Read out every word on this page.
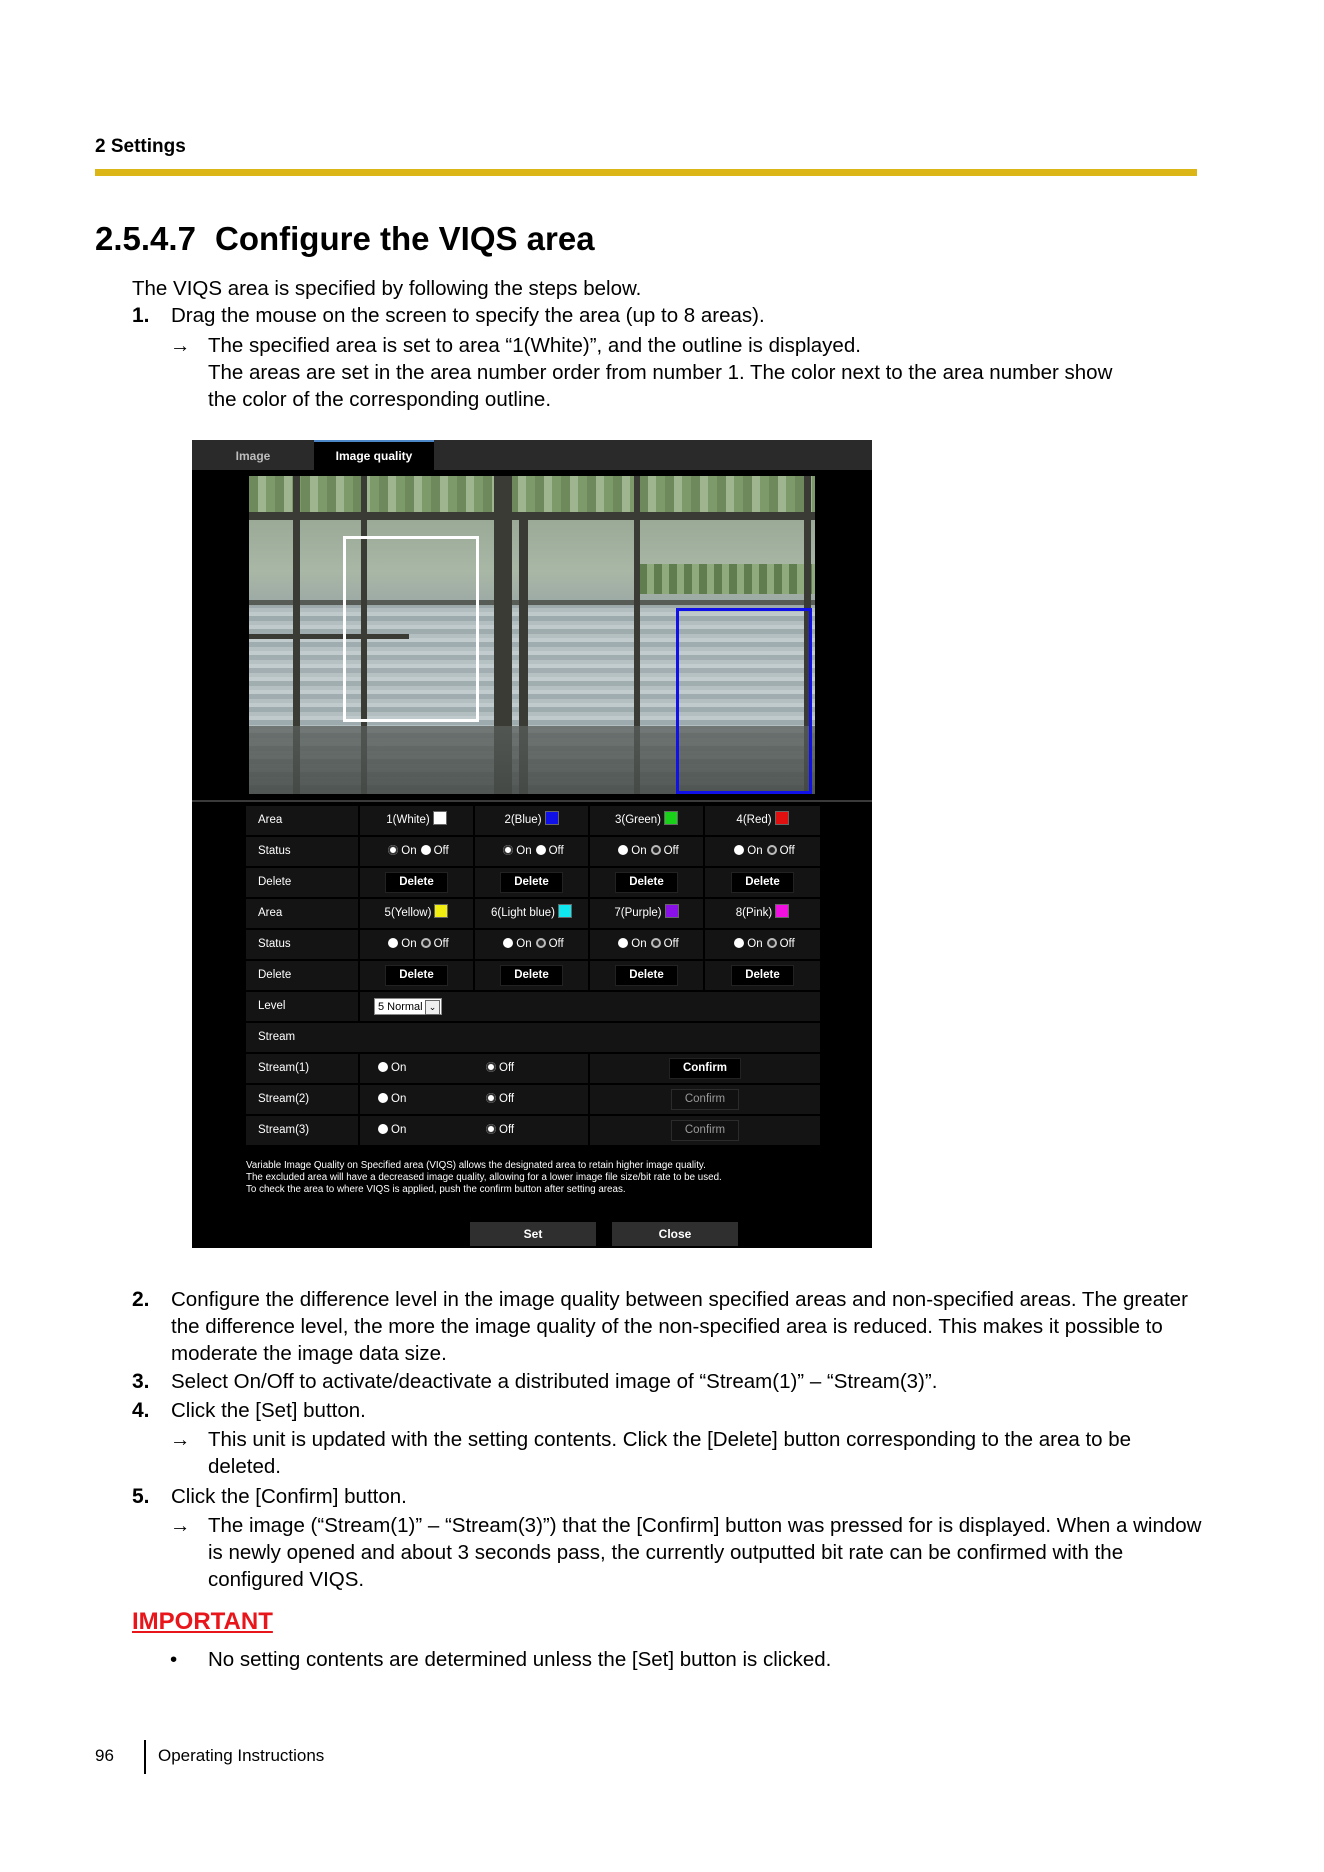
2 Settings
2.5.4.7 Configure the VIQS area
The VIQS area is specified by following the steps below.
1. Drag the mouse on the screen to specify the area (up to 8 areas).
→ The specified area is set to area “1(White)”, and the outline is displayed.
The areas are set in the area number order from number 1. The color next to the area number show
the color of the corresponding outline.
Image	Image quality
Area	1(White)	2(Blue)	3(Green)	4(Red)
Status	On Off	On Off	On Off	On Off
Delete	Delete	Delete	Delete	Delete
Area	5(Yellow)	6(Light blue)	7(Purple)	8(Pink)
Status	On Off	On Off	On Off	On Off
Delete	Delete	Delete	Delete	Delete
Level	5 Normal ⌄
Stream
Stream(1)	On	Off	Confirm
Stream(2)	On	Off	Confirm
Stream(3)	On	Off	Confirm
Variable Image Quality on Specified area (VIQS) allows the designated area to retain higher image quality.
The excluded area will have a decreased image quality, allowing for a lower image file size/bit rate to be used.
To check the area to where VIQS is applied, push the confirm button after setting areas.
Set	Close
2. Configure the difference level in the image quality between specified areas and non-specified areas. The greater the difference level, the more the image quality of the non-specified area is reduced. This makes it possible to moderate the image data size.
3. Select On/Off to activate/deactivate a distributed image of “Stream(1)” – “Stream(3)”.
4. Click the [Set] button.
→ This unit is updated with the setting contents. Click the [Delete] button corresponding to the area to be deleted.
5. Click the [Confirm] button.
→ The image (“Stream(1)” – “Stream(3)”) that the [Confirm] button was pressed for is displayed. When a window is newly opened and about 3 seconds pass, the currently outputted bit rate can be confirmed with the configured VIQS.
IMPORTANT
• No setting contents are determined unless the [Set] button is clicked.
96	Operating Instructions
